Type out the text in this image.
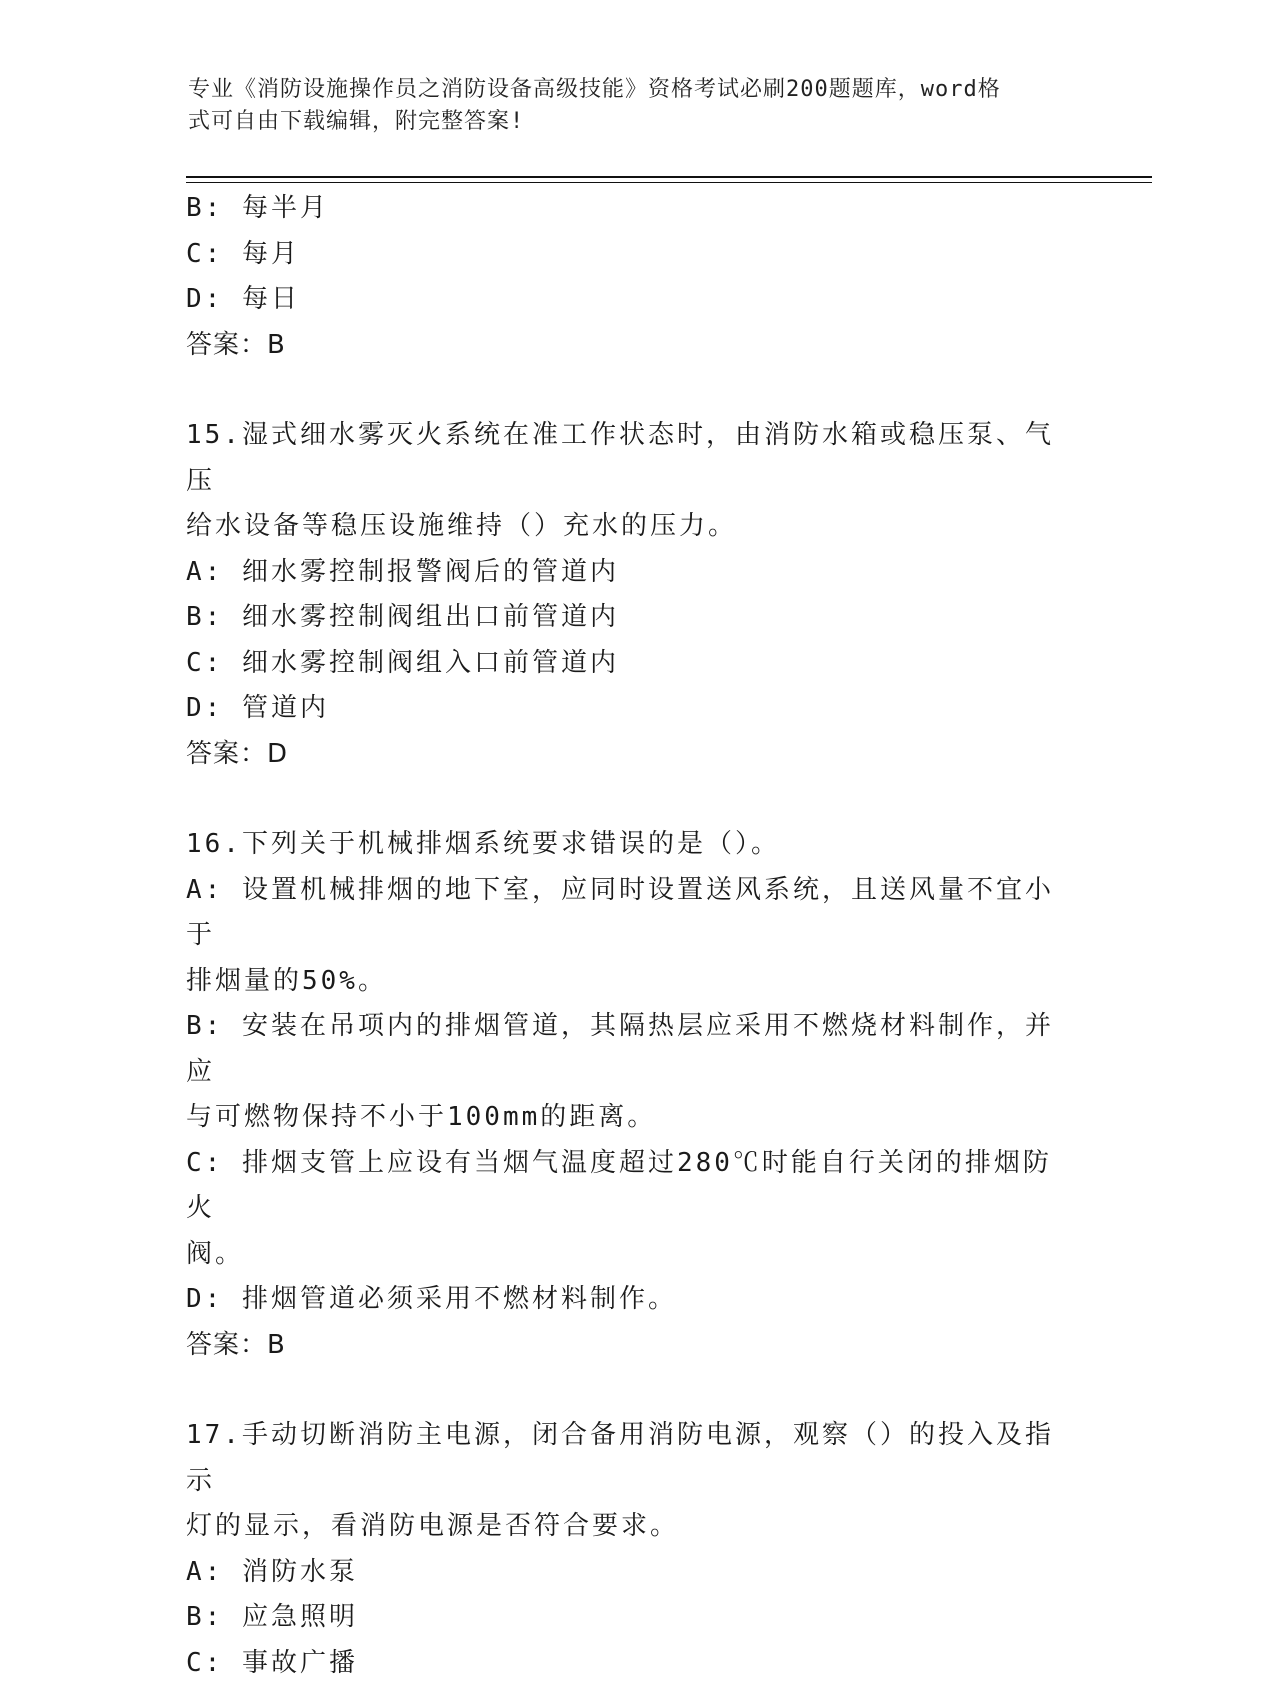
专业《消防设施操作员之消防设备高级技能》资格考试必刷200题题库，word格
式可自由下载编辑，附完整答案!
B: 每半月
C: 每月
D: 每日
答案：B
15.湿式细水雾灭火系统在准工作状态时，由消防水箱或稳压泵、气压
给水设备等稳压设施维持（）充水的压力。
A: 细水雾控制报警阀后的管道内
B: 细水雾控制阀组出口前管道内
C: 细水雾控制阀组入口前管道内
D: 管道内
答案：D
16.下列关于机械排烟系统要求错误的是（）。
A: 设置机械排烟的地下室，应同时设置送风系统，且送风量不宜小于
排烟量的50%。
B: 安装在吊项内的排烟管道，其隔热层应采用不燃烧材料制作，并应
与可燃物保持不小于100mm的距离。
C: 排烟支管上应设有当烟气温度超过280℃时能自行关闭的排烟防火
阀。
D: 排烟管道必须采用不燃材料制作。
答案：B
17.手动切断消防主电源，闭合备用消防电源，观察（）的投入及指示
灯的显示，看消防电源是否符合要求。
A: 消防水泵
B: 应急照明
C: 事故广播
